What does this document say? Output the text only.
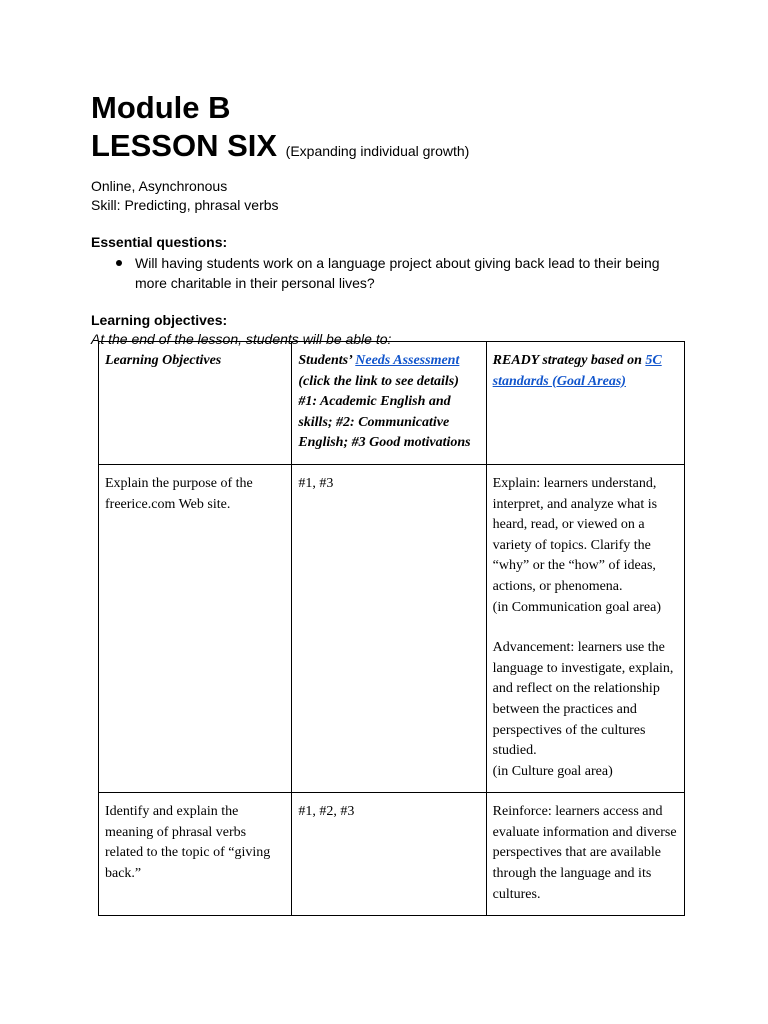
Module B
LESSON SIX (Expanding individual growth)

Online, Asynchronous

Skill: Predicting, phrasal verbs

Essential questions:

Will having students work on a language project about giving back lead to their being more charitable in their personal lives?

Learning objectives:

At the end of the lesson, students will be able to:

Learning Objectives	Students’ Needs Assessment (click the link to see details) #1: Academic English and skills; #2: Communicative English; #3 Good motivations	READY strategy based on 5C standards (Goal Areas)
Explain the purpose of the freerice.com Web site.	#1, #3	Explain: learners understand, interpret, and analyze what is heard, read, or viewed on a variety of topics. Clarify the “why” or the “how” of ideas, actions, or phenomena.
(in Communication goal area)
Advancement: learners use the language to investigate, explain, and reflect on the relationship between the practices and perspectives of the cultures studied.
(in Culture goal area)

Identify and explain the meaning of phrasal verbs related to the topic of “giving back.”	#1, #2, #3	Reinforce: learners access and evaluate information and diverse perspectives that are available through the language and its cultures.
